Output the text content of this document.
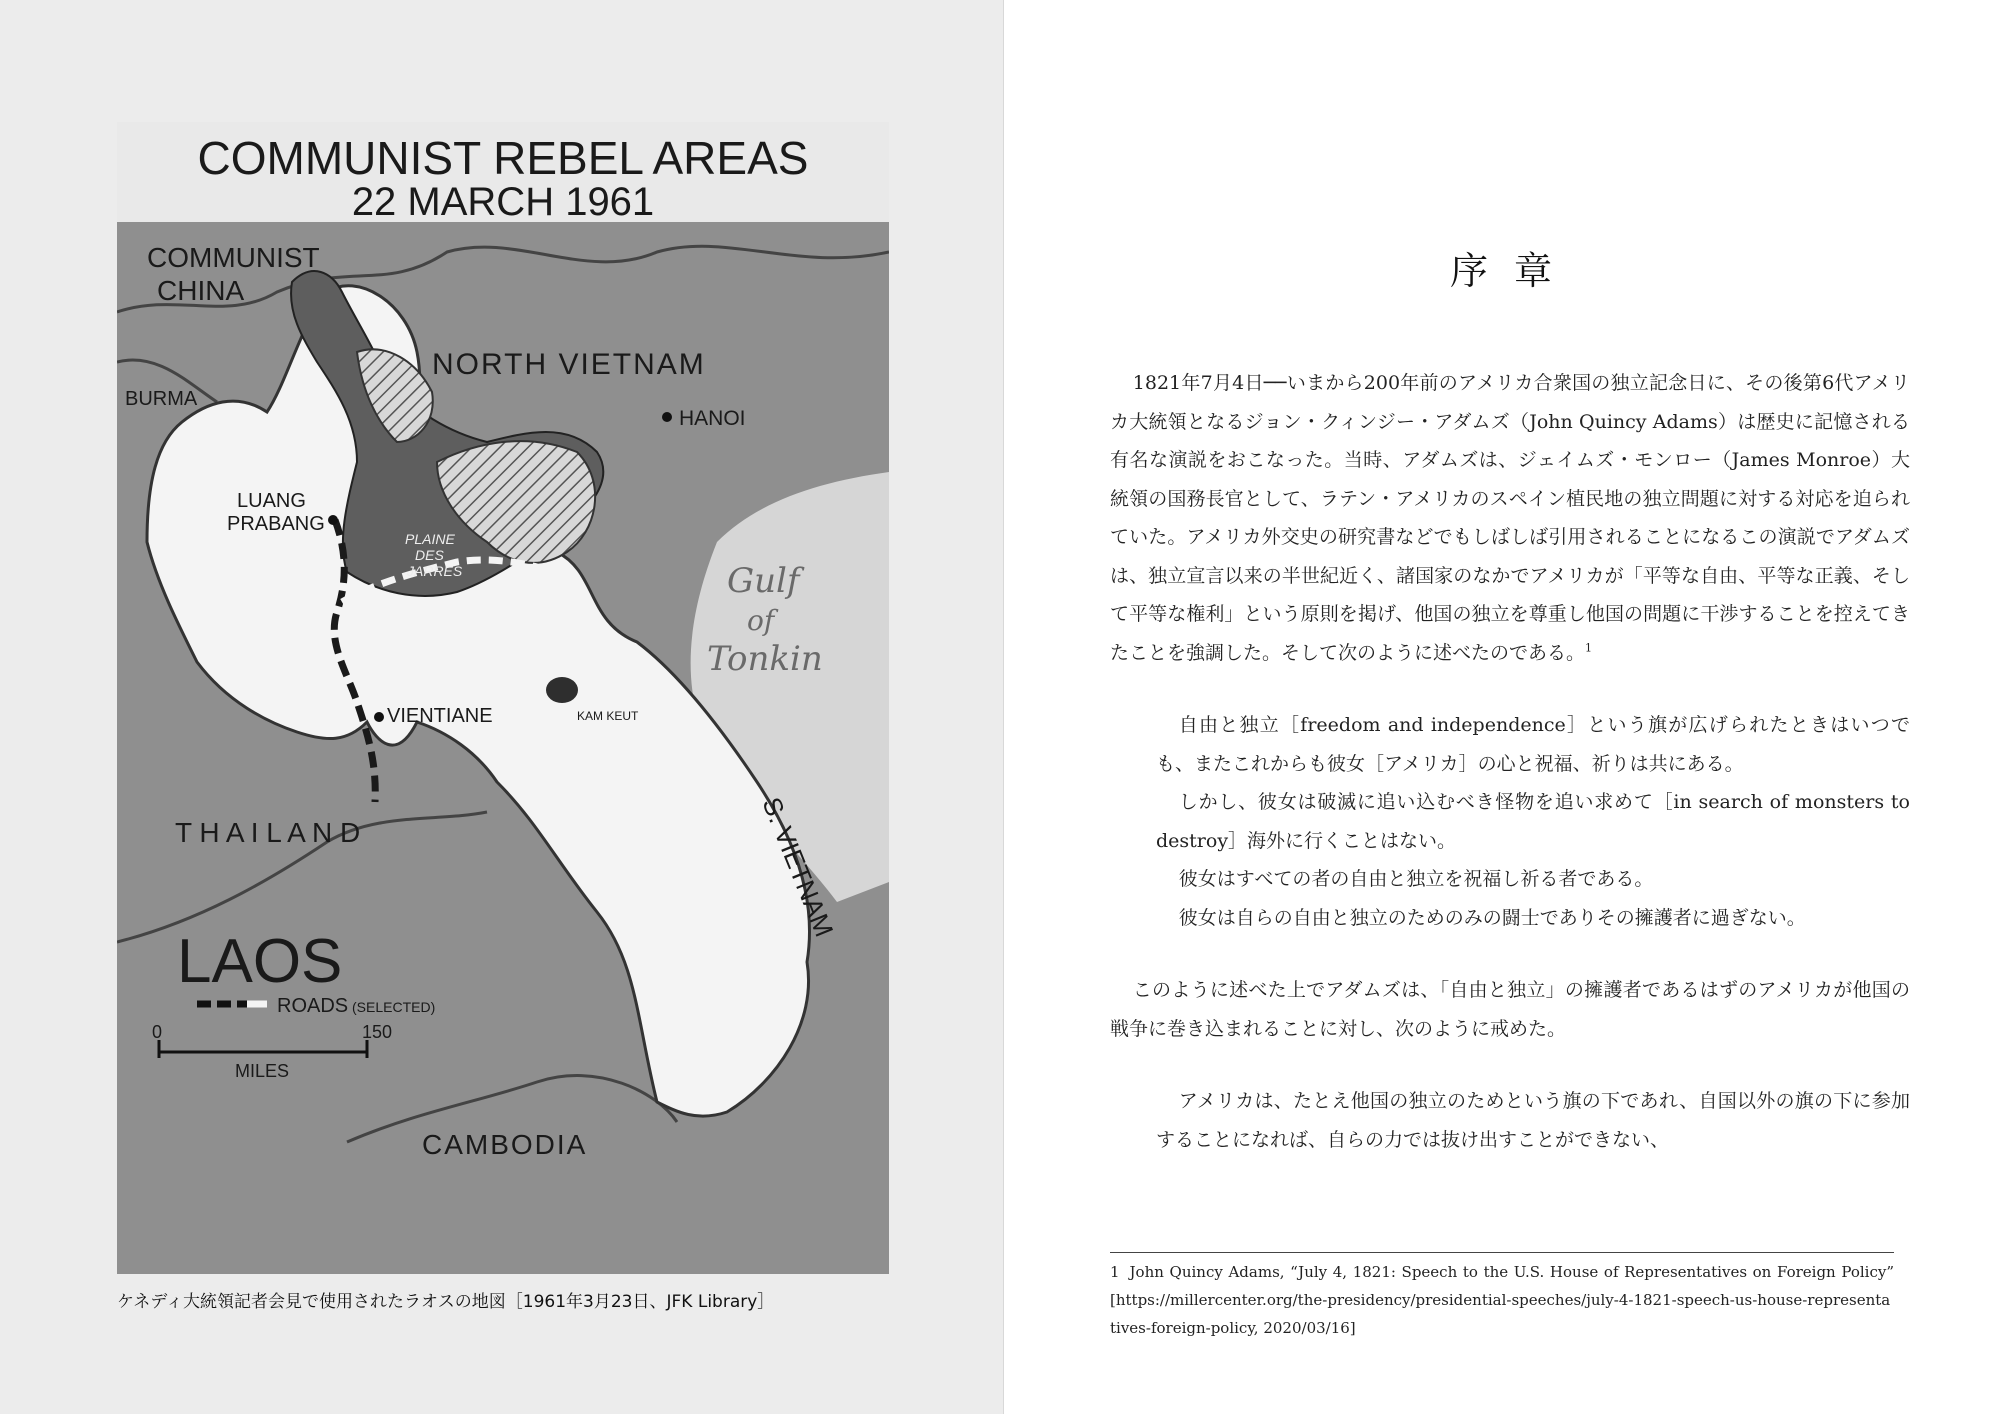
COMMUNIST REBEL AREAS
22 MARCH 1961
COMMUNIST
CHINA
NORTH VIETNAM
BURMA
HANOI
LUANG
PRABANG
PLAINE
DES
JARRES	Gulf
of
Tonkin
VIENTIANE	KAM KEUT
T H A I L A N D	S. VIETNAM
LAOS
ROADS (SELECTED)
0	150
MILES
CAMBODIA
ケネディ大統領記者会見で使用されたラオスの地図［1961年3月23日、JFK Library］
序章

1821年7月4日──いまから200年前のアメリカ合衆国の独立記念日に、その後第6代アメリカ大統領となるジョン・クィンジー・アダムズ（John Quincy Adams）は歴史に記憶される有名な演説をおこなった。当時、アダムズは、ジェイムズ・モンロー（James Monroe）大統領の国務長官として、ラテン・アメリカのスペイン植民地の独立問題に対する対応を迫られていた。アメリカ外交史の研究書などでもしばしば引用されることになるこの演説でアダムズは、独立宣言以来の半世紀近く、諸国家のなかでアメリカが「平等な自由、平等な正義、そして平等な権利」という原則を掲げ、他国の独立を尊重し他国の問題に干渉することを控えてきたことを強調した。そして次のように述べたのである。$^1$

自由と独立［freedom and independence］という旗が広げられたときはいつでも、またこれからも彼女［アメリカ］の心と祝福、祈りは共にある。

しかし、彼女は破滅に追い込むべき怪物を追い求めて［in search of monsters to destroy］海外に行くことはない。

彼女はすべての者の自由と独立を祝福し祈る者である。

彼女は自らの自由と独立のためのみの闘士でありその擁護者に過ぎない。

このように述べた上でアダムズは、「自由と独立」の擁護者であるはずのアメリカが他国の戦争に巻き込まれることに対し、次のように戒めた。

アメリカは、たとえ他国の独立のためという旗の下であれ、自国以外の旗の下に参加することになれば、自らの力では抜け出すことができない、

1 John Quincy Adams, “July 4, 1821: Speech to the U.S. House of Representatives on Foreign Policy” [https://millercenter.org/the-presidency/presidential-speeches/july-4-1821-speech-us-house-representatives-foreign-policy, 2020/03/16]
